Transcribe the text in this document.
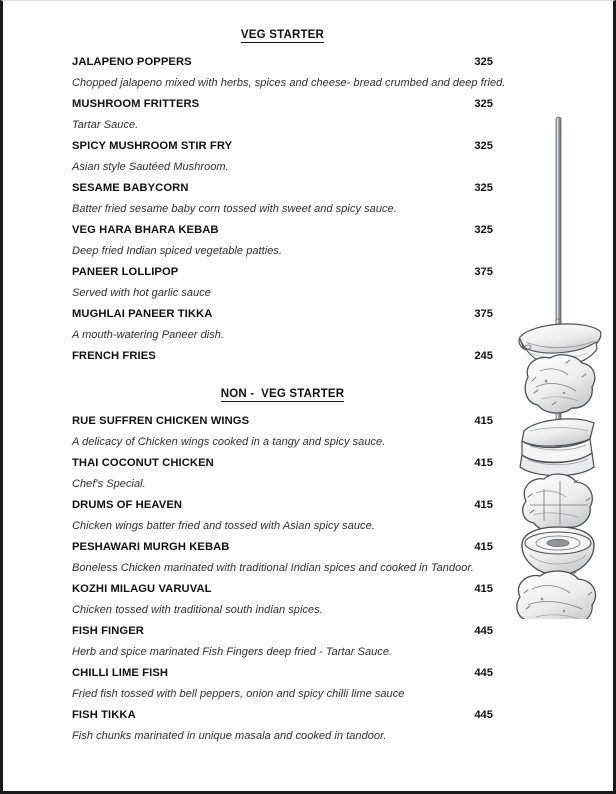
VEG STARTER
JALAPENO POPPERS	325
Chopped jalapeno mixed with herbs, spices and cheese- bread crumbed and deep fried.
MUSHROOM FRITTERS	325
Tartar Sauce.
SPICY MUSHROOM STIR FRY	325
Asian style Sautéed Mushroom.
SESAME BABYCORN	325
Batter fried sesame baby corn tossed with sweet and spicy sauce.
VEG HARA BHARA KEBAB	325
Deep fried Indian spiced vegetable patties.
PANEER LOLLIPOP	375
Served with hot garlic sauce
MUGHLAI PANEER TIKKA	375
A mouth-watering Paneer dish.
FRENCH FRIES	245
NON -  VEG STARTER
RUE SUFFREN CHICKEN WINGS	415
A delicacy of Chicken wings cooked in a tangy and spicy sauce.
THAI COCONUT CHICKEN	415
Chef's Special.
DRUMS OF HEAVEN	415
Chicken wings batter fried and tossed with Asian spicy sauce.
PESHAWARI MURGH KEBAB	415
Boneless Chicken marinated with traditional Indian spices and cooked in Tandoor.
KOZHI MILAGU VARUVAL	415
Chicken tossed with traditional south indian spices.
FISH FINGER	445
Herb and spice marinated Fish Fingers deep fried - Tartar Sauce.
CHILLI LIME FISH	445
Fried fish tossed with bell peppers, onion and spicy chilli lime sauce
FISH TIKKA	445
Fish chunks marinated in unique masala and cooked in tandoor.
